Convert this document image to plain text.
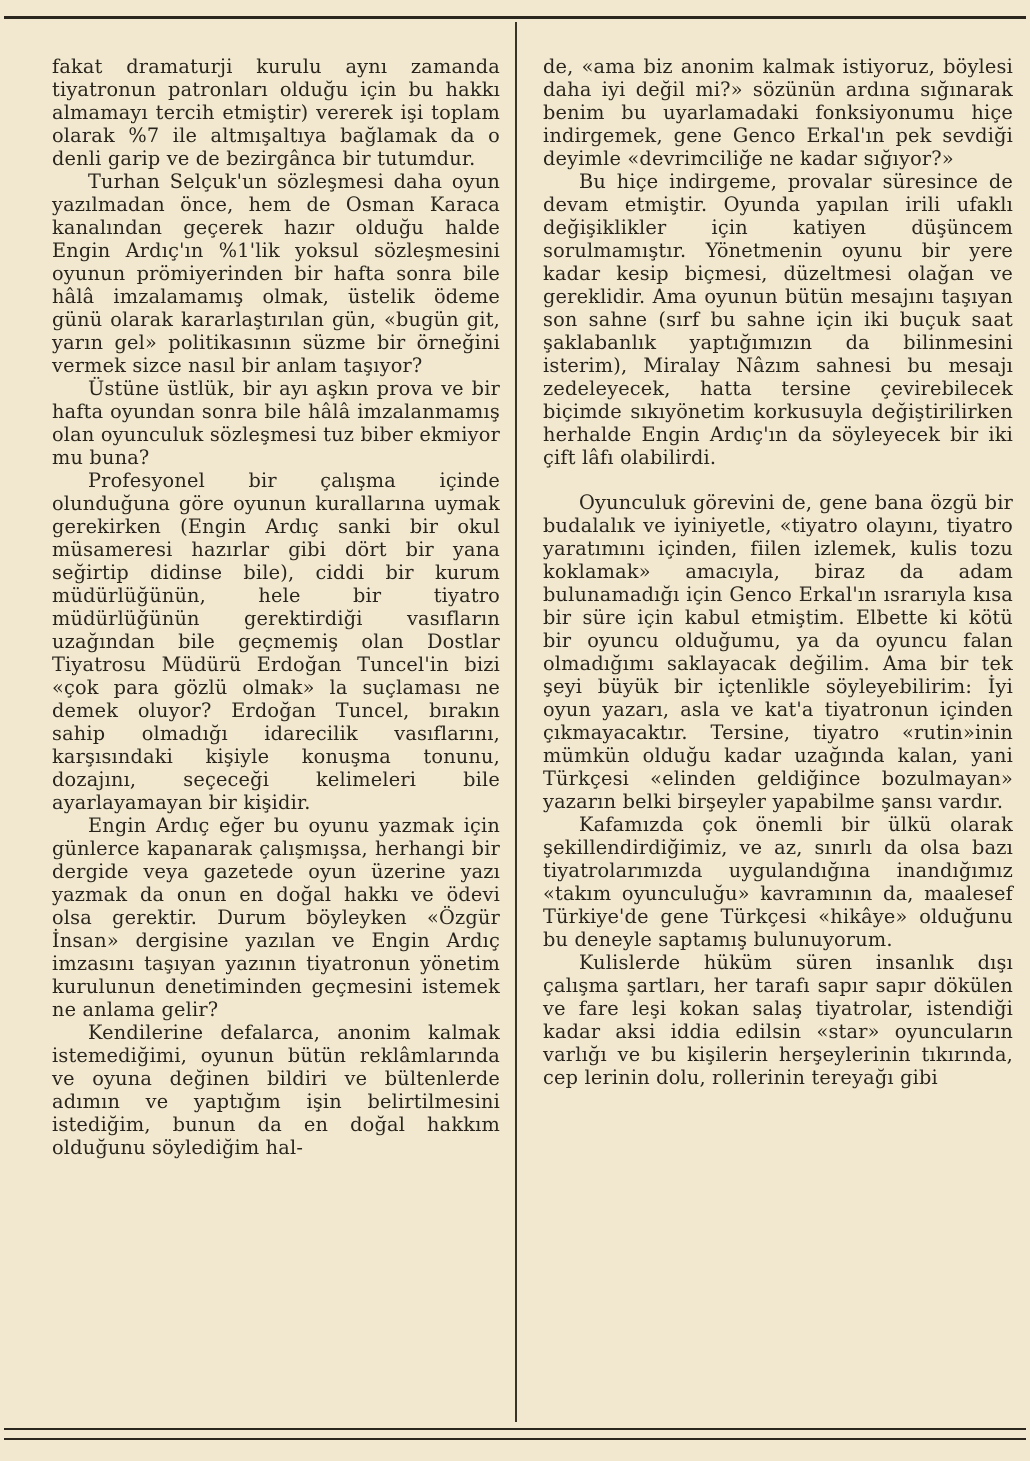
fakat dramaturji kurulu aynı zamanda tiyatronun patronları olduğu için bu hakkı almamayı tercih etmiştir) vererek işi toplam olarak %7 ile altmışaltıya bağlamak da o denli garip ve de bezirgânca bir tutumdur.

Turhan Selçuk'un sözleşmesi daha oyun yazılmadan önce, hem de Osman Karaca kanalından geçerek hazır olduğu halde Engin Ardıç'ın %1'lik yoksul sözleşmesini oyunun prömiyerinden bir hafta sonra bile hâlâ imzalamamış olmak, üstelik ödeme günü olarak kararlaştırılan gün, «bugün git, yarın gel» politikasının süzme bir örneğini vermek sizce nasıl bir anlam taşıyor?

Üstüne üstlük, bir ayı aşkın prova ve bir hafta oyundan sonra bile hâlâ imzalanmamış olan oyunculuk sözleşmesi tuz biber ekmiyor mu buna?

Profesyonel bir çalışma içinde olunduğuna göre oyunun kurallarına uymak gerekirken (Engin Ardıç sanki bir okul müsameresi hazırlar gibi dört bir yana seğirtip didinse bile), ciddi bir kurum müdürlüğünün, hele bir tiyatro müdürlüğünün gerektirdiği vasıfların uzağından bile geçmemiş olan Dostlar Tiyatrosu Müdürü Erdoğan Tuncel'in bizi «çok para gözlü olmak» la suçlaması ne demek oluyor? Erdoğan Tuncel, bırakın sahip olmadığı idarecilik vasıflarını, karşısındaki kişiyle konuşma tonunu, dozajını, seçeceği kelimeleri bile ayarlayamayan bir kişidir.

Engin Ardıç eğer bu oyunu yazmak için günlerce kapanarak çalışmışsa, herhangi bir dergide veya gazetede oyun üzerine yazı yazmak da onun en doğal hakkı ve ödevi olsa gerektir. Durum böyleyken «Özgür İnsan» dergisine yazılan ve Engin Ardıç imzasını taşıyan yazının tiyatronun yönetim kurulunun denetiminden geçmesini istemek ne anlama gelir?

Kendilerine defalarca, anonim kalmak istemediğimi, oyunun bütün reklâmlarında ve oyuna değinen bildiri ve bültenlerde adımın ve yaptığım işin belirtilmesini istediğim, bunun da en doğal hakkım olduğunu söylediğim hal-

de, «ama biz anonim kalmak istiyoruz, böylesi daha iyi değil mi?» sözünün ardına sığınarak benim bu uyarlamadaki fonksiyonumu hiçe indirgemek, gene Genco Erkal'ın pek sevdiği deyimle «devrimciliğe ne kadar sığıyor?»

Bu hiçe indirgeme, provalar süresince de devam etmiştir. Oyunda yapılan irili ufaklı değişiklikler için katiyen düşüncem sorulmamıştır. Yönetmenin oyunu bir yere kadar kesip biçmesi, düzeltmesi olağan ve gereklidir. Ama oyunun bütün mesajını taşıyan son sahne (sırf bu sahne için iki buçuk saat şaklabanlık yaptığımızın da bilinmesini isterim), Miralay Nâzım sahnesi bu mesajı zedeleyecek, hatta tersine çevirebilecek biçimde sıkıyönetim korkusuyla değiştirilirken herhalde Engin Ardıç'ın da söyleyecek bir iki çift lâfı olabilirdi.

Oyunculuk görevini de, gene bana özgü bir budalalık ve iyiniyetle, «tiyatro olayını, tiyatro yaratımını içinden, fiilen izlemek, kulis tozu koklamak» amacıyla, biraz da adam bulunamadığı için Genco Erkal'ın ısrarıyla kısa bir süre için kabul etmiştim. Elbette ki kötü bir oyuncu olduğumu, ya da oyuncu falan olmadığımı saklayacak değilim. Ama bir tek şeyi büyük bir içtenlikle söyleyebilirim: İyi oyun yazarı, asla ve kat'a tiyatronun içinden çıkmayacaktır. Tersine, tiyatro «rutin»inin mümkün olduğu kadar uzağında kalan, yani Türkçesi «elinden geldiğince bozulmayan» yazarın belki birşeyler yapabilme şansı vardır.

Kafamızda çok önemli bir ülkü olarak şekillendirdiğimiz, ve az, sınırlı da olsa bazı tiyatrolarımızda uygulandığına inandığımız «takım oyunculuğu» kavramının da, maalesef Türkiye'de gene Türkçesi «hikâye» olduğunu bu deneyle saptamış bulunuyorum.

Kulislerde hüküm süren insanlık dışı çalışma şartları, her tarafı sapır sapır dökülen ve fare leşi kokan salaş tiyatrolar, istendiği kadar aksi iddia edilsin «star» oyuncuların varlığı ve bu kişilerin herşeylerinin tıkırında, cep lerinin dolu, rollerinin tereyağı gibi
